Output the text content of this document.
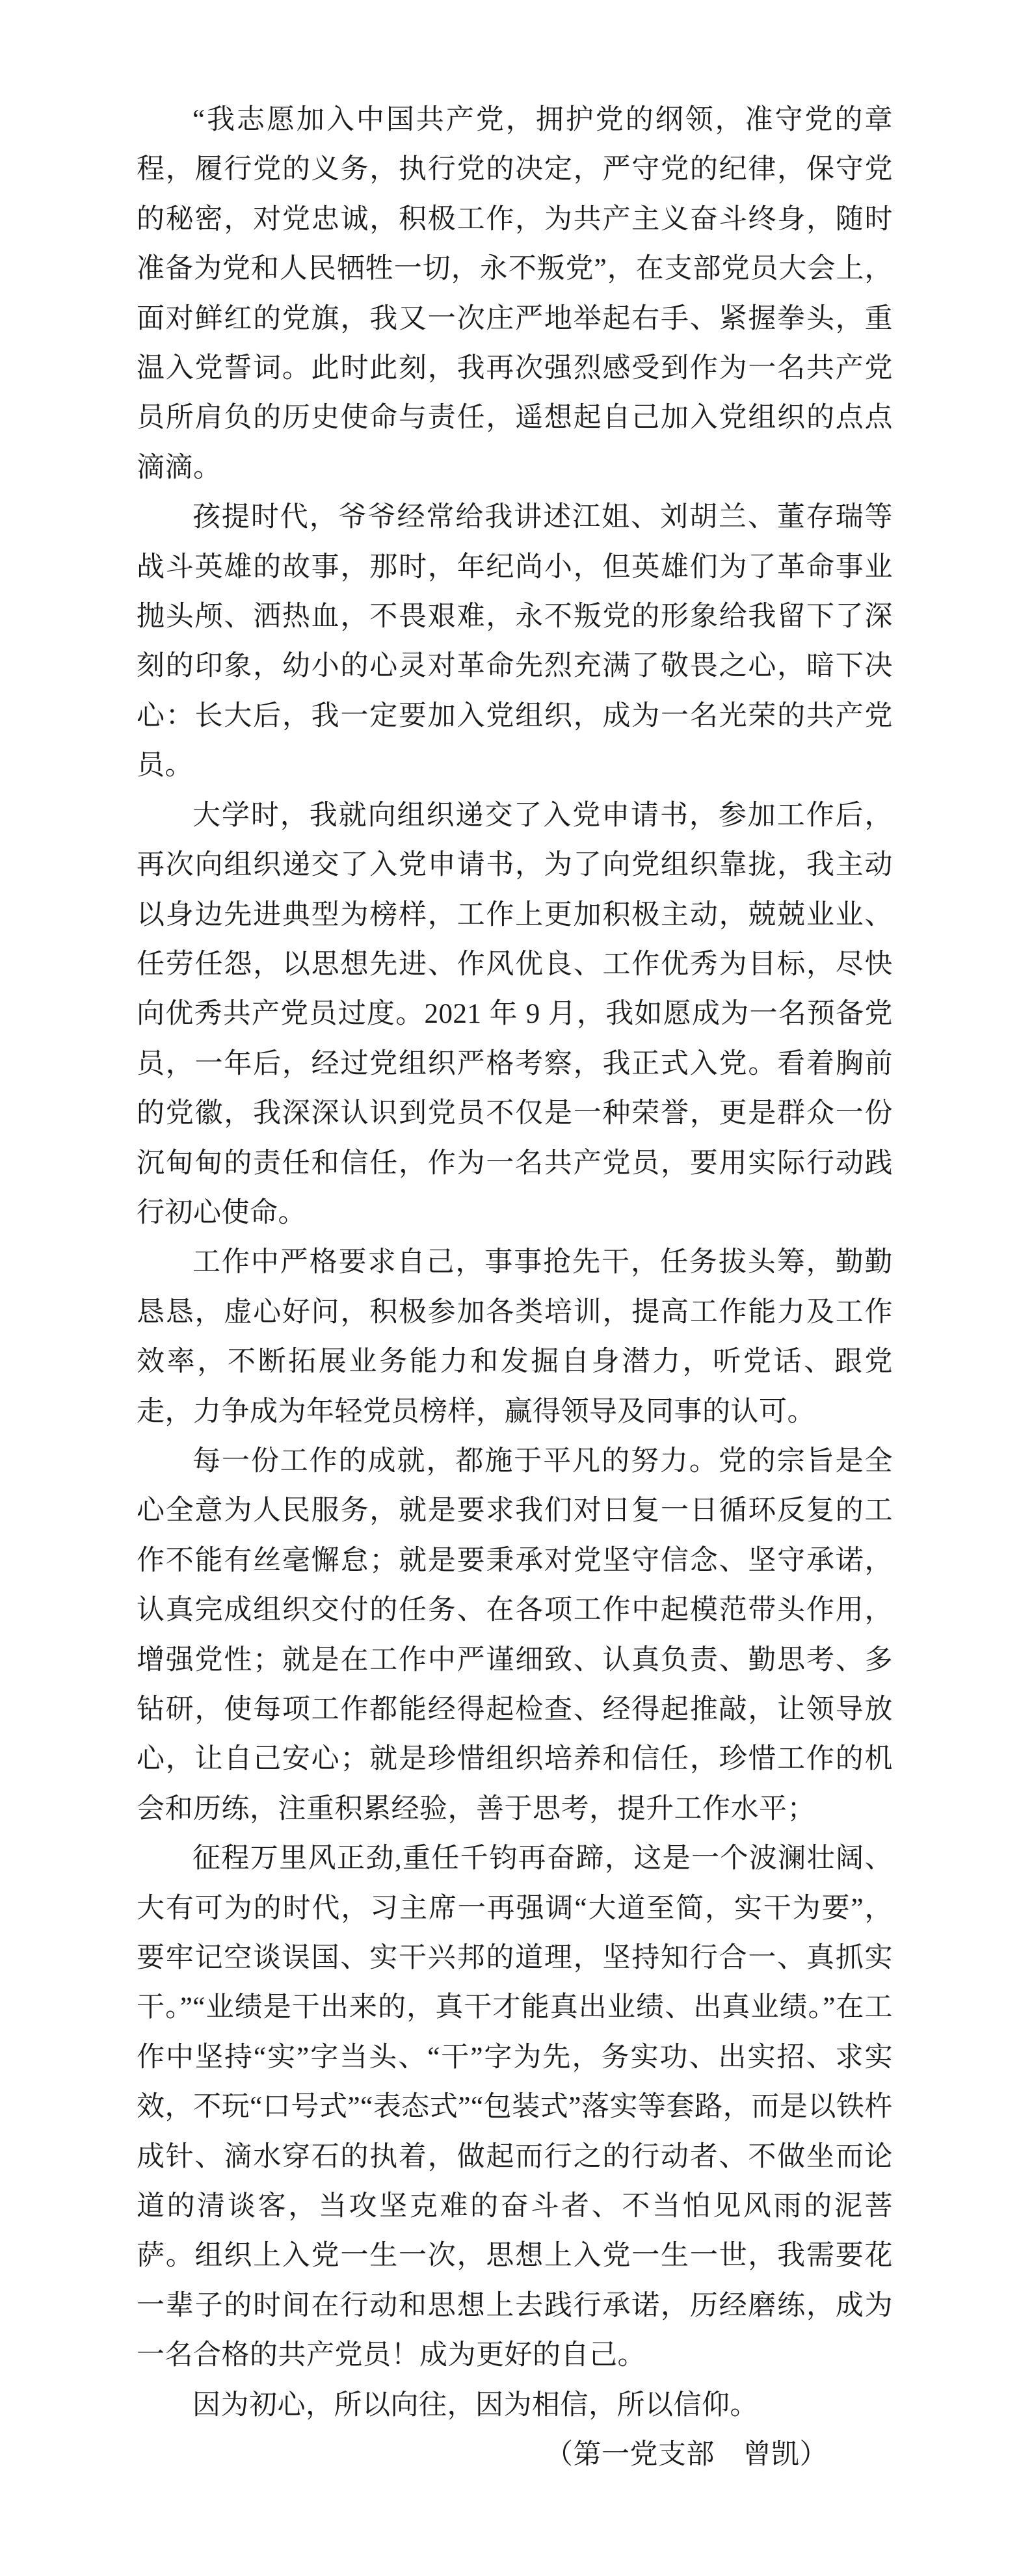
“我志愿加入中国共产党，拥护党的纲领，准守党的章程，履行党的义务，执行党的决定，严守党的纪律，保守党的秘密，对党忠诚，积极工作，为共产主义奋斗终身，随时准备为党和人民牺牲一切，永不叛党”，在支部党员大会上，面对鲜红的党旗，我又一次庄严地举起右手、紧握拳头，重温入党誓词。此时此刻，我再次强烈感受到作为一名共产党员所肩负的历史使命与责任，遥想起自己加入党组织的点点滴滴。

孩提时代，爷爷经常给我讲述江姐、刘胡兰、董存瑞等战斗英雄的故事，那时，年纪尚小，但英雄们为了革命事业抛头颅、洒热血，不畏艰难，永不叛党的形象给我留下了深刻的印象，幼小的心灵对革命先烈充满了敬畏之心，暗下决心：长大后，我一定要加入党组织，成为一名光荣的共产党员。

大学时，我就向组织递交了入党申请书，参加工作后，再次向组织递交了入党申请书，为了向党组织靠拢，我主动以身边先进典型为榜样，工作上更加积极主动，兢兢业业、任劳任怨，以思想先进、作风优良、工作优秀为目标，尽快向优秀共产党员过度。2021 年 9 月，我如愿成为一名预备党员，一年后，经过党组织严格考察，我正式入党。看着胸前的党徽，我深深认识到党员不仅是一种荣誉，更是群众一份沉甸甸的责任和信任，作为一名共产党员，要用实际行动践行初心使命。

工作中严格要求自己，事事抢先干，任务拔头筹，勤勤恳恳，虚心好问，积极参加各类培训，提高工作能力及工作效率，不断拓展业务能力和发掘自身潜力，听党话、跟党走，力争成为年轻党员榜样，赢得领导及同事的认可。

每一份工作的成就，都施于平凡的努力。党的宗旨是全心全意为人民服务，就是要求我们对日复一日循环反复的工作不能有丝毫懈怠；就是要秉承对党坚守信念、坚守承诺，认真完成组织交付的任务、在各项工作中起模范带头作用，增强党性；就是在工作中严谨细致、认真负责、勤思考、多钻研，使每项工作都能经得起检查、经得起推敲，让领导放心，让自己安心；就是珍惜组织培养和信任，珍惜工作的机会和历练，注重积累经验，善于思考，提升工作水平；

征程万里风正劲,重任千钧再奋蹄，这是一个波澜壮阔、大有可为的时代，习主席一再强调“大道至简，实干为要”，要牢记空谈误国、实干兴邦的道理，坚持知行合一、真抓实干。”“业绩是干出来的，真干才能真出业绩、出真业绩。”在工作中坚持“实”字当头、“干”字为先，务实功、出实招、求实效，不玩“口号式”“表态式”“包装式”落实等套路，而是以铁杵成针、滴水穿石的执着，做起而行之的行动者、不做坐而论道的清谈客，当攻坚克难的奋斗者、不当怕见风雨的泥菩萨。组织上入党一生一次，思想上入党一生一世，我需要花一辈子的时间在行动和思想上去践行承诺，历经磨练，成为一名合格的共产党员！成为更好的自己。

因为初心，所以向往，因为相信，所以信仰。

（第一党支部　曾凯）
